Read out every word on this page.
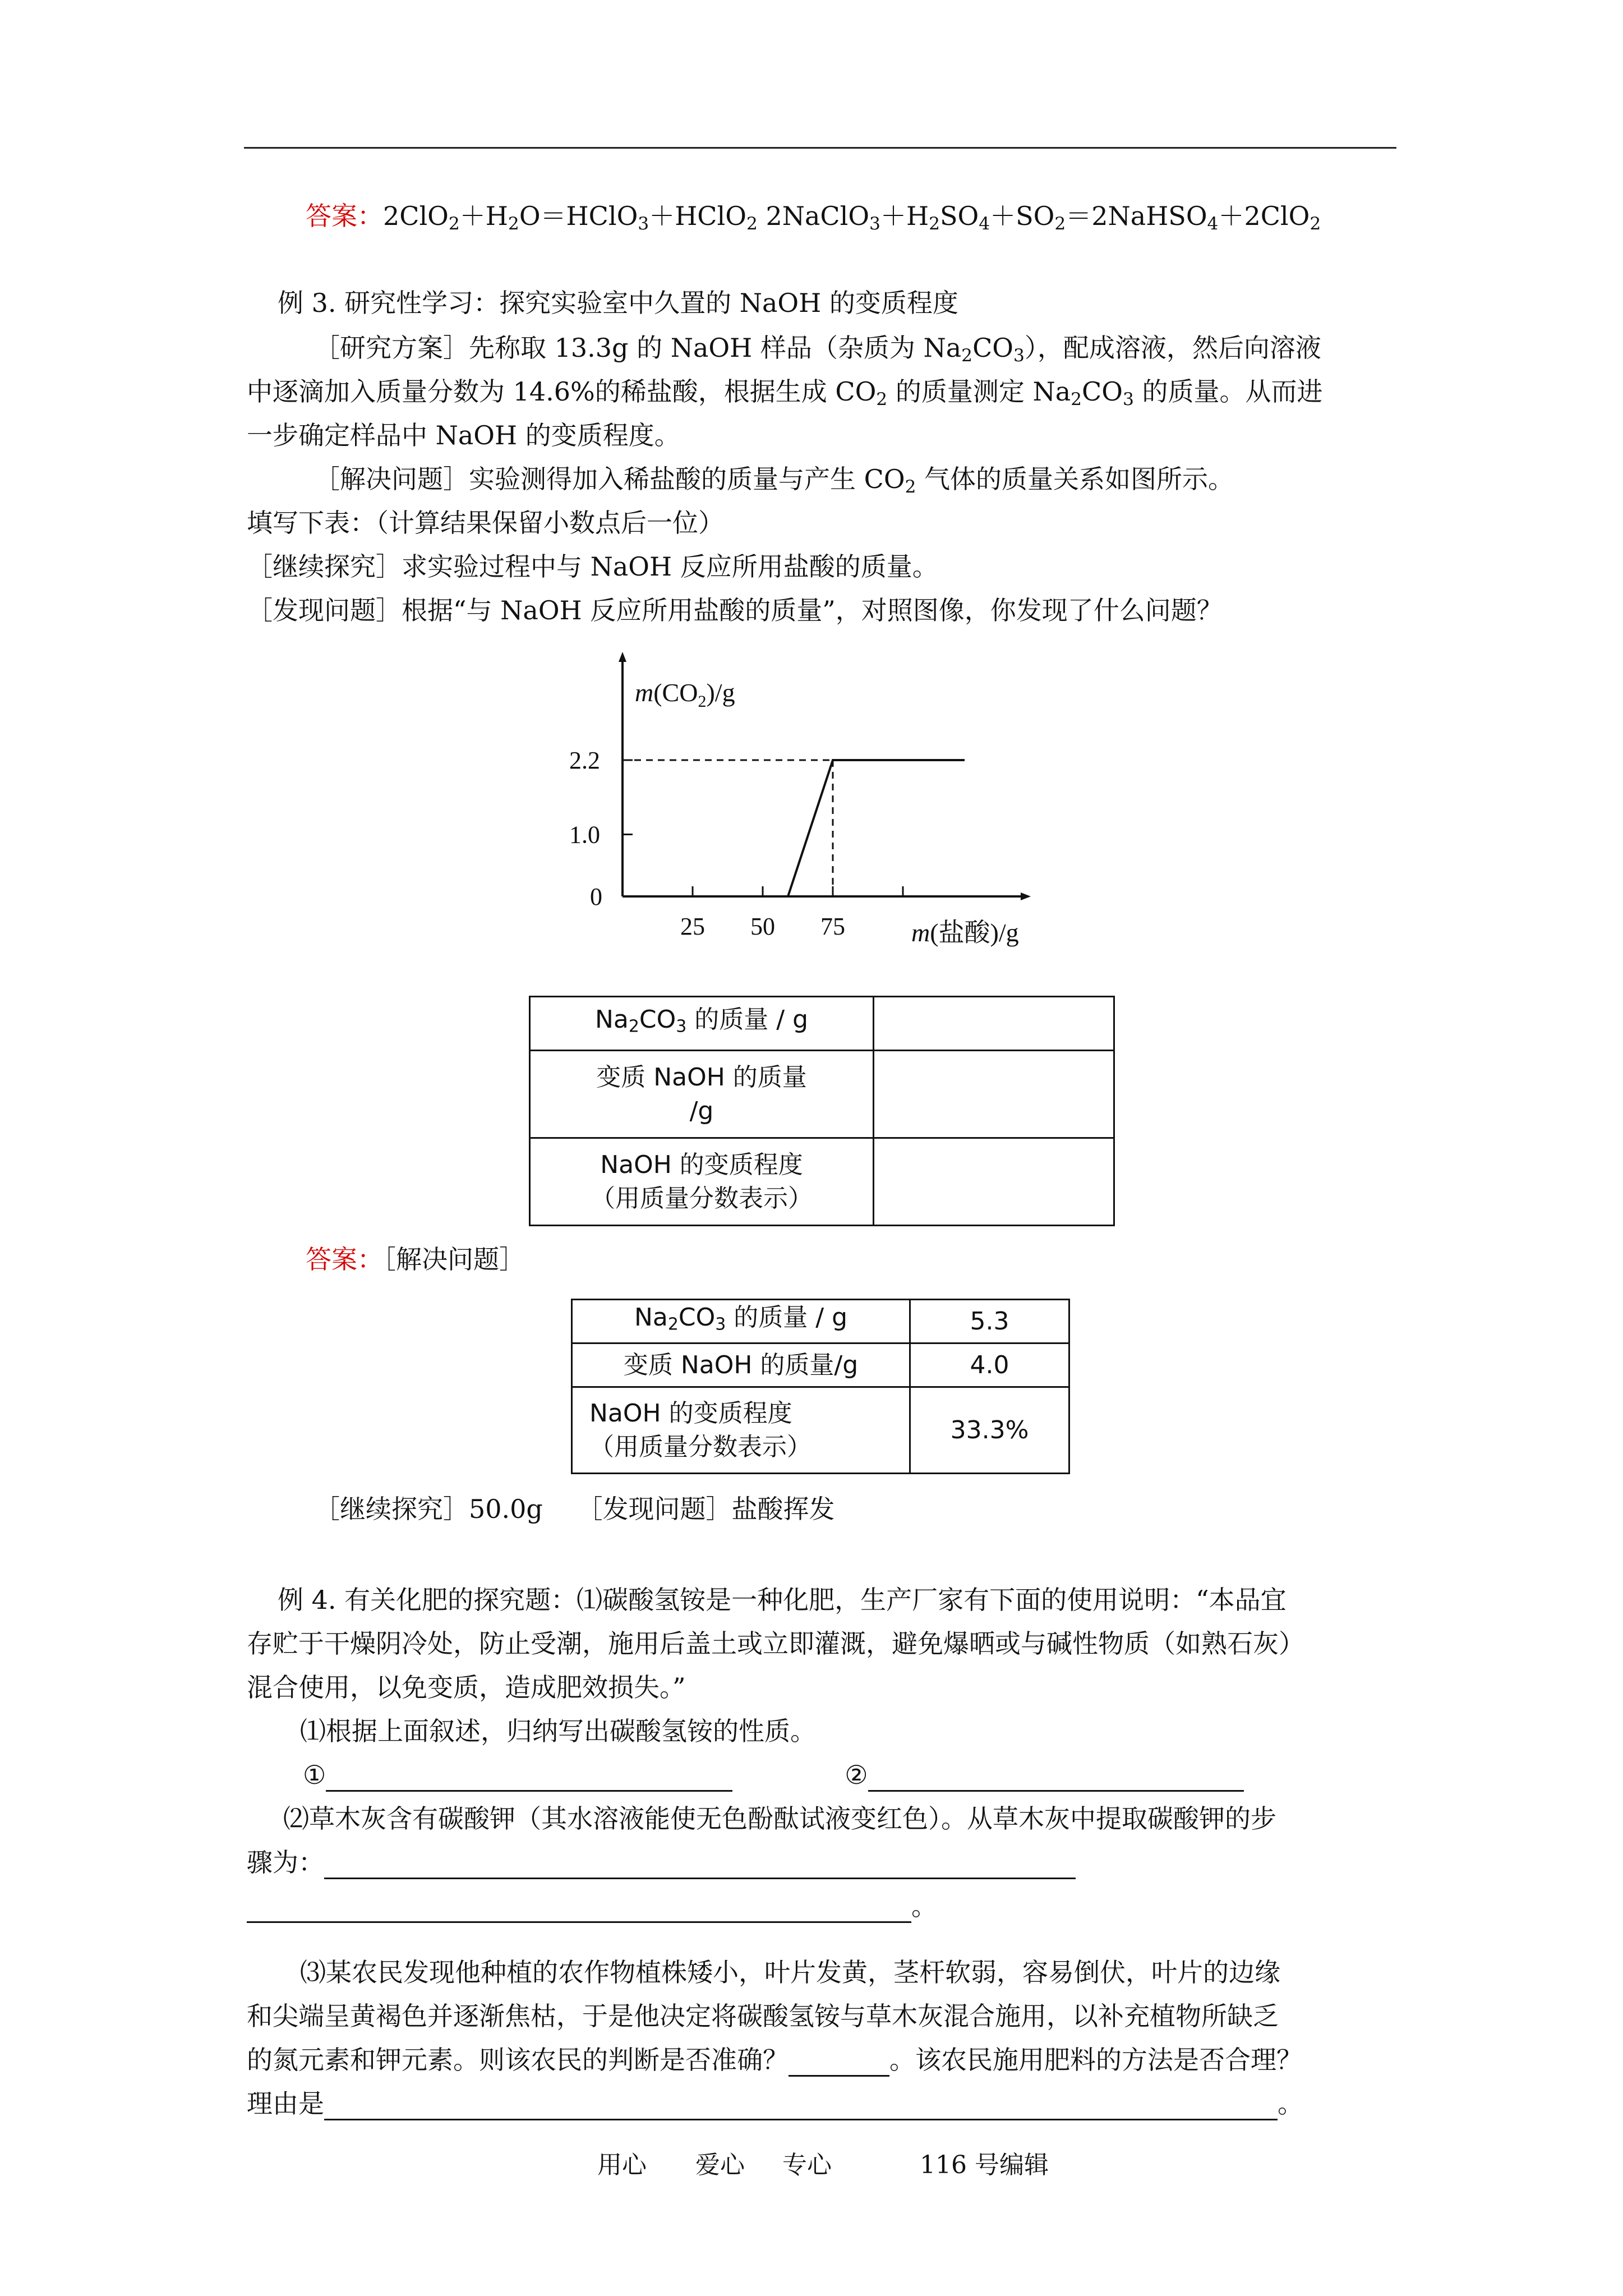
答案：$2ClO_2+H_2O=HClO_3+HClO_2$ $2NaClO_3+H_2SO_4+SO_2=2NaHSO_4+2ClO_2$
例 3. 研究性学习：探究实验室中久置的 NaOH 的变质程度
［研究方案］先称取 13.3g 的 NaOH 样品（杂质为 $Na_2CO_3$），配成溶液，然后向溶液
中逐滴加入质量分数为 14.6%的稀盐酸，根据生成 $CO_2$ 的质量测定 $Na_2CO_3$ 的质量。从而进
一步确定样品中 NaOH 的变质程度。
［解决问题］实验测得加入稀盐酸的质量与产生 $CO_2$ 气体的质量关系如图所示。
填写下表：（计算结果保留小数点后一位）
［继续探究］求实验过程中与 NaOH 反应所用盐酸的质量。
［发现问题］根据“与 NaOH 反应所用盐酸的质量”，对照图像，你发现了什么问题？
25 50 75
1.0
2.2
$m(CO_2)/g$
m(盐酸)/g
0
$Na_2CO_3$ 的质量 / g	

变质 NaOH 的质量
/g	

NaOH 的变质程度
（用质量分数表示）	

答案：［解决问题］
$Na_2CO_3$ 的质量 / g	5.3
变质 NaOH 的质量/g	4.0

NaOH 的变质程度
（用质量分数表示）	33.3%
［继续探究］50.0g　 ［发现问题］盐酸挥发
例 4. 有关化肥的探究题：⑴碳酸氢铵是一种化肥，生产厂家有下面的使用说明：“本品宜
存贮于干燥阴冷处，防止受潮，施用后盖土或立即灌溉，避免爆晒或与碱性物质（如熟石灰）
混合使用，以免变质，造成肥效损失。”
⑴根据上面叙述，归纳写出碳酸氢铵的性质。
①	②
⑵草木灰含有碳酸钾（其水溶液能使无色酚酞试液变红色）。从草木灰中提取碳酸钾的步
骤为：
。
⑶某农民发现他种植的农作物植株矮小，叶片发黄，茎杆软弱，容易倒伏，叶片的边缘
和尖端呈黄褐色并逐渐焦枯，于是他决定将碳酸氢铵与草木灰混合施用，以补充植物所缺乏
的氮元素和钾元素。则该农民的判断是否准确？	。该农民施用肥料的方法是否合理？
理由是	。
用心 爱心 专心	116 号编辑
